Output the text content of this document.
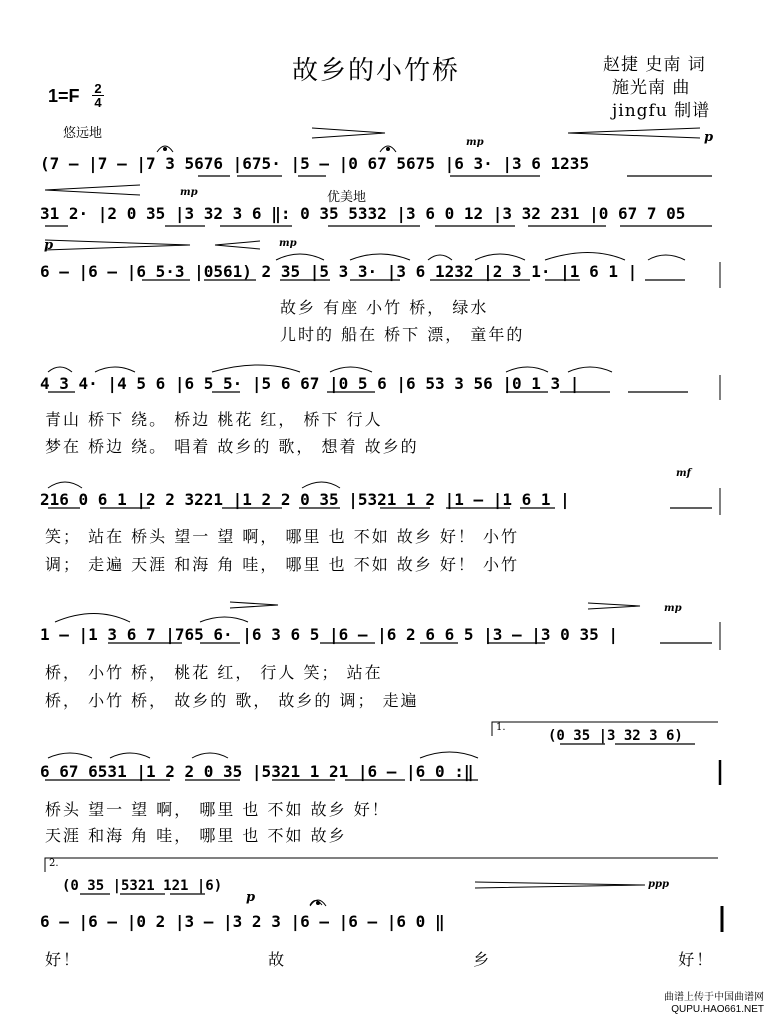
故乡的小竹桥	赵捷 史南 词
施光南 曲
jingfu 制谱
$1=F \frac{2}{4}$
悠远地
优美地
mp	p
mp
p	mp
mf
mp
p
ppp
1.
2.
(7 – |7 – |7 3 5676 |675· |5 – |0 67 5675 |6 3· |3 6 1235
31 2· |2 0 35 |3 32 3 6 ‖: 0 35 5332 |3 6 0 12 |3 32 231 |0 67 7 05
6 – |6 – |6 5·3 |0561) 2 35 |5 3 3· |3 6 1232 |2 3 1· |1 6 1 |
4 3 4· |4 5 6 |6 5 5· |5 6 67 |0 5 6 |6 53 3 56 |0 1 3 |
216 0 6 1 |2 2 3221 |1 2 2 0 35 |5321 1 2 |1 – |1 6 1 |
1 – |1 3 6 7 |765 6· |6 3 6 5 |6 – |6 2 6 6 5 |3 – |3 0 35 |
(0 35 |3 32 3 6)
6 67 6531 |1 2 2 0 35 |5321 1 21 |6 – |6 0 :‖
(0 35 |5321 121 |6)
6 – |6 – |0 2 |3 – |3 2 3 |6 – |6 – |6 0 ‖
故乡 有座 小竹 桥， 绿水
儿时的 船在 桥下 漂， 童年的
青山 桥下 绕。 桥边 桃花 红， 桥下 行人
梦在 桥边 绕。 唱着 故乡的 歌， 想着 故乡的
笑； 站在 桥头 望一 望 啊， 哪里 也 不如 故乡 好！ 小竹
调； 走遍 天涯 和海 角 哇， 哪里 也 不如 故乡 好！ 小竹
桥， 小竹 桥， 桃花 红， 行人 笑； 站在
桥， 小竹 桥， 故乡的 歌， 故乡的 调； 走遍
桥头 望一 望 啊， 哪里 也 不如 故乡 好！
天涯 和海 角 哇， 哪里 也 不如 故乡
好！ 故 乡 好！
曲谱上传于中国曲谱网
QUPU.HAO661.NET
